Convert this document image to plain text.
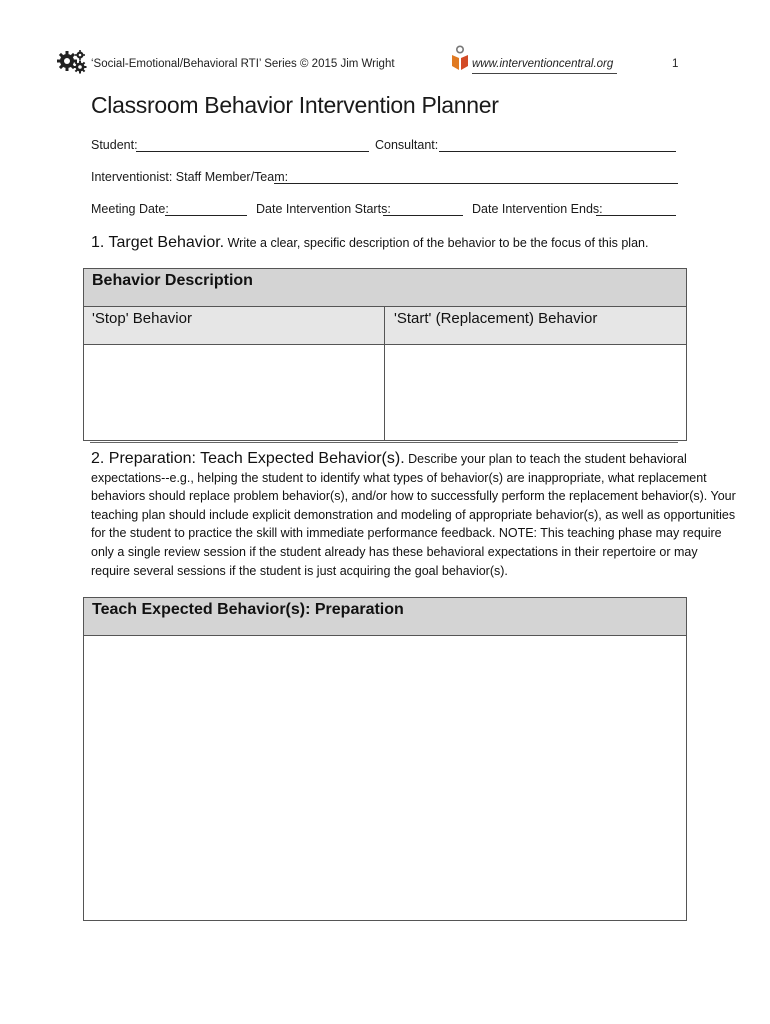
‘Social-Emotional/Behavioral RTI’ Series © 2015 Jim Wright	www.interventioncentral.org	1
Classroom Behavior Intervention Planner
Student:	Consultant:
Interventionist: Staff Member/Team:
Meeting Date:	Date Intervention Starts:	Date Intervention Ends:
1. Target Behavior. Write a clear, specific description of the behavior to be the focus of this plan.
Behavior Description
'Stop' Behavior	'Start' (Replacement) Behavior
2. Preparation: Teach Expected Behavior(s). Describe your plan to teach the student behavioral
expectations--e.g., helping the student to identify what types of behavior(s) are inappropriate, what replacement
behaviors should replace problem behavior(s), and/or how to successfully perform the replacement behavior(s). Your
teaching plan should include explicit demonstration and modeling of appropriate behavior(s), as well as opportunities
for the student to practice the skill with immediate performance feedback. NOTE: This teaching phase may require
only a single review session if the student already has these behavioral expectations in their repertoire or may
require several sessions if the student is just acquiring the goal behavior(s).
Teach Expected Behavior(s): Preparation
